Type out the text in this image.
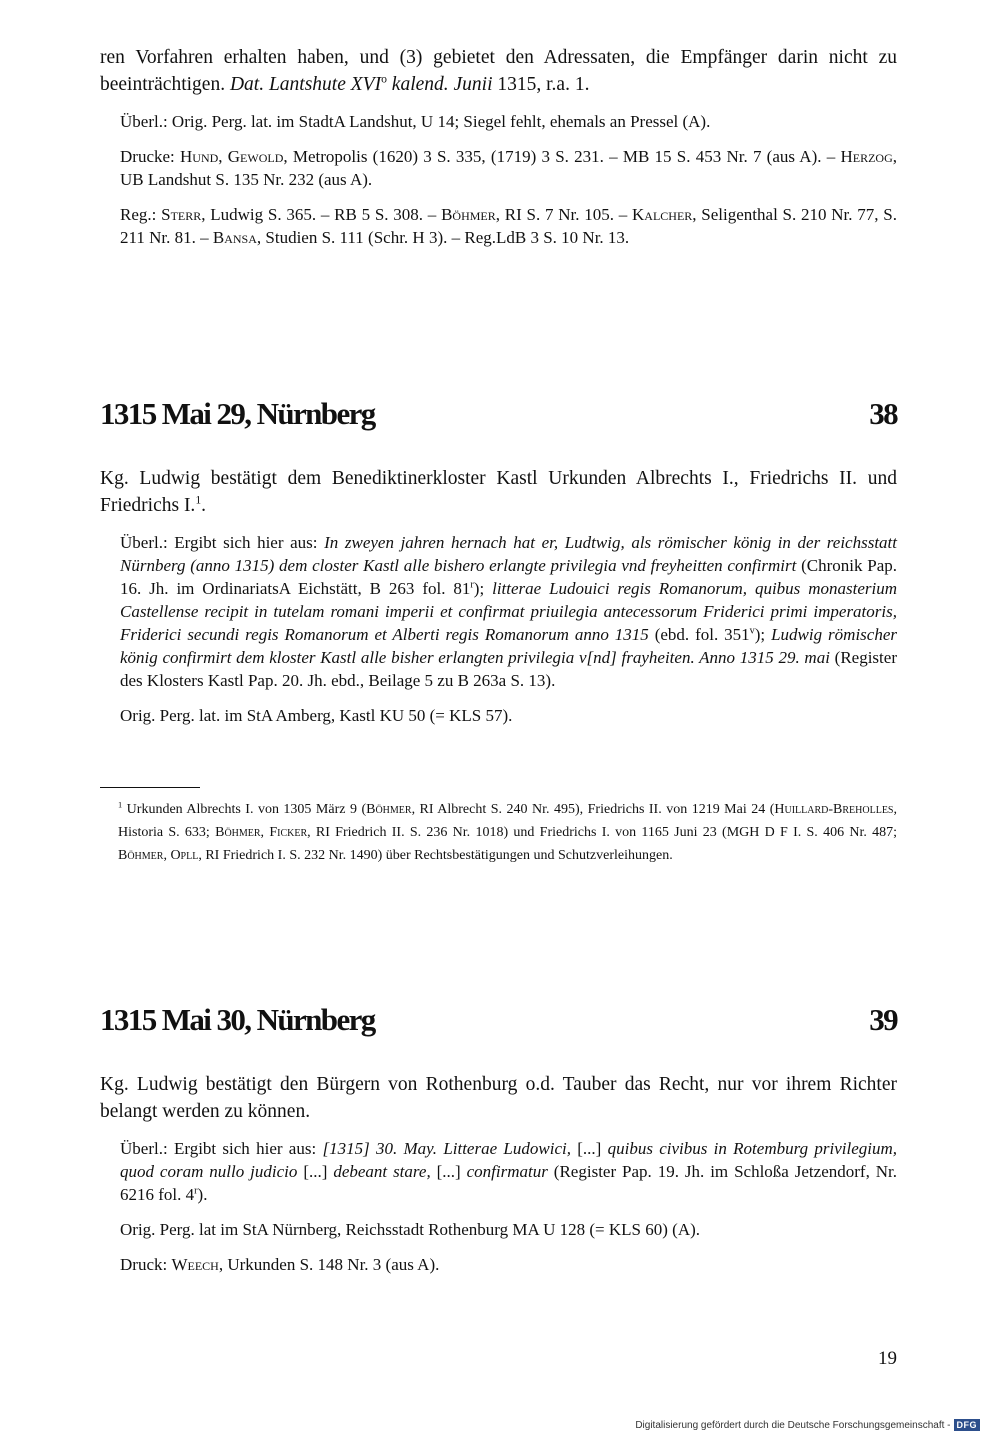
ren Vorfahren erhalten haben, und (3) gebietet den Adressaten, die Empfänger darin nicht zu beeinträchtigen. Dat. Lantshute XVI$^o$ kalend. Junii 1315, r.a. 1.

Überl.: Orig. Perg. lat. im StadtA Landshut, U 14; Siegel fehlt, ehemals an Pressel (A).

Drucke: Hund, Gewold, Metropolis (1620) 3 S. 335, (1719) 3 S. 231. – MB 15 S. 453 Nr. 7 (aus A). – Herzog, UB Landshut S. 135 Nr. 232 (aus A).

Reg.: Sterr, Ludwig S. 365. – RB 5 S. 308. – Böhmer, RI S. 7 Nr. 105. – Kalcher, Seligenthal S. 210 Nr. 77, S. 211 Nr. 81. – Bansa, Studien S. 111 (Schr. H 3). – Reg.LdB 3 S. 10 Nr. 13.

1315 Mai 29, Nürnberg	38

Kg. Ludwig bestätigt dem Benediktinerkloster Kastl Urkunden Albrechts I., Friedrichs II. und Friedrichs I.$^1$.

Überl.: Ergibt sich hier aus: In zweyen jahren hernach hat er, Ludtwig, als römischer könig in der reichsstatt Nürnberg (anno 1315) dem closter Kastl alle bishero erlangte privilegia vnd freyheitten confirmirt (Chronik Pap. 16. Jh. im OrdinariatsA Eichstätt, B 263 fol. 81$^r$); litterae Ludouici regis Romanorum, quibus monasterium Castellense recipit in tutelam romani imperii et confirmat priuilegia antecessorum Friderici primi imperatoris, Friderici secundi regis Romanorum et Alberti regis Romanorum anno 1315 (ebd. fol. 351$^v$); Ludwig römischer könig confirmirt dem kloster Kastl alle bisher erlangten privilegia v[nd] frayheiten. Anno 1315 29. mai (Register des Klosters Kastl Pap. 20. Jh. ebd., Beilage 5 zu B 263a S. 13).

Orig. Perg. lat. im StA Amberg, Kastl KU 50 (= KLS 57).

$^1$ Urkunden Albrechts I. von 1305 März 9 (Böhmer, RI Albrecht S. 240 Nr. 495), Friedrichs II. von 1219 Mai 24 (Huillard-Breholles, Historia S. 633; Böhmer, Ficker, RI Friedrich II. S. 236 Nr. 1018) und Friedrichs I. von 1165 Juni 23 (MGH D F I. S. 406 Nr. 487; Böhmer, Opll, RI Friedrich I. S. 232 Nr. 1490) über Rechtsbestätigungen und Schutzverleihungen.

1315 Mai 30, Nürnberg	39

Kg. Ludwig bestätigt den Bürgern von Rothenburg o.d. Tauber das Recht, nur vor ihrem Richter belangt werden zu können.

Überl.: Ergibt sich hier aus: [1315] 30. May. Litterae Ludowici, [...] quibus civibus in Rotemburg privilegium, quod coram nullo judicio [...] debeant stare, [...] confirmatur (Register Pap. 19. Jh. im Schloßа Jetzendorf, Nr. 6216 fol. 4$^r$).

Orig. Perg. lat im StA Nürnberg, Reichsstadt Rothenburg MA U 128 (= KLS 60) (A).

Druck: Weech, Urkunden S. 148 Nr. 3 (aus A).

19
Digitalisierung gefördert durch die Deutsche Forschungsgemeinschaft - DFG
